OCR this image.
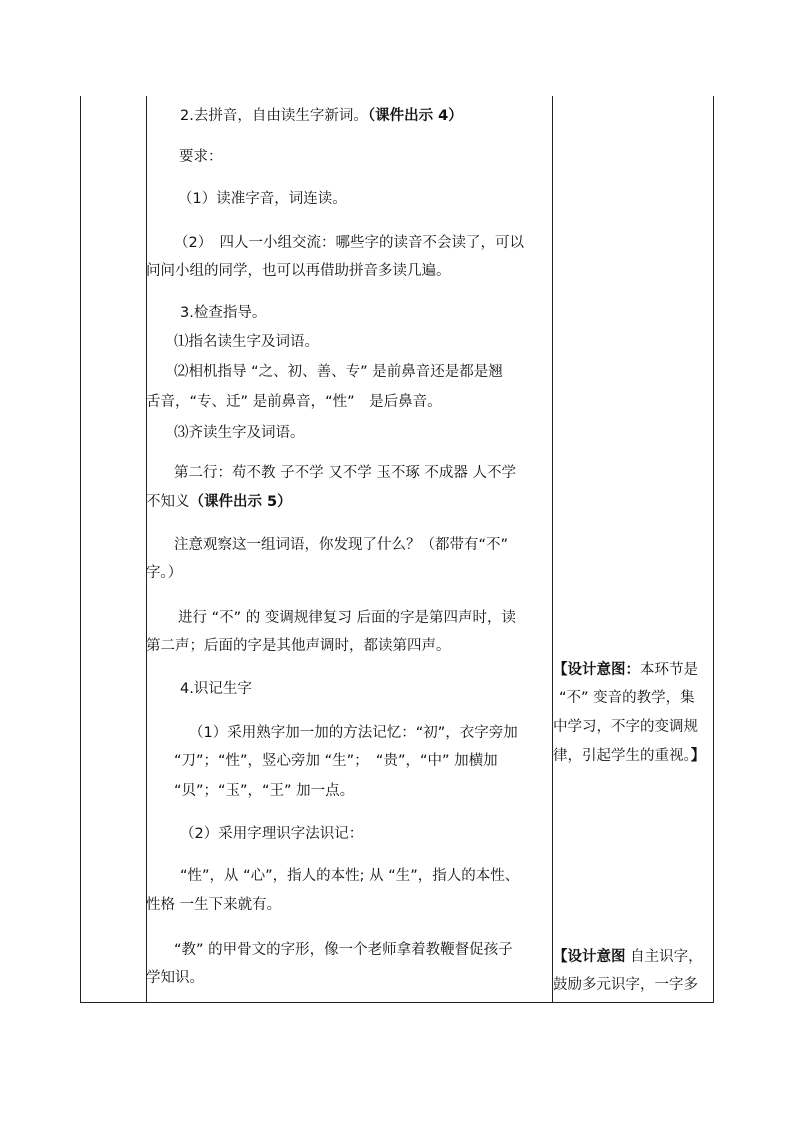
2.去拼音，自由读生字新词。（课件出示 4）
要求：
（1）读准字音，词连读。
（2）　四人一小组交流：哪些字的读音不会读了，可以
问问小组的同学，也可以再借助拼音多读几遍。
3.检查指导。
⑴指名读生字及词语。
⑵相机指导 “之、初、善、专” 是前鼻音还是都是翘
舌音，“专、迁” 是前鼻音，“性”　是后鼻音。
⑶齐读生字及词语。
第二行：苟不教 子不学 又不学 玉不琢 不成器 人不学
不知义（课件出示 5）
注意观察这一组词语，你发现了什么？（都带有“不”
字。）
进行 “不” 的 变调规律复习 后面的字是第四声时，读
第二声；后面的字是其他声调时，都读第四声。
4.识记生字
（1）采用熟字加一加的方法记忆：“初”，衣字旁加
“刀”；“性”，竖心旁加 “生”；　“贵”，“中” 加横加
“贝”；“玉”，“王” 加一点。
（2）采用字理识字法识记：
“性”，从 “心”，指人的本性; 从 “生”，指人的本性、
性格 一生下来就有。
“教” 的甲骨文的字形，像一个老师拿着教鞭督促孩子
学知识。
【设计意图：本环节是
“不” 变音的教学，集
中学习，不字的变调规
律，引起学生的重视。】
【设计意图 自主识字，
鼓励多元识字，一字多
